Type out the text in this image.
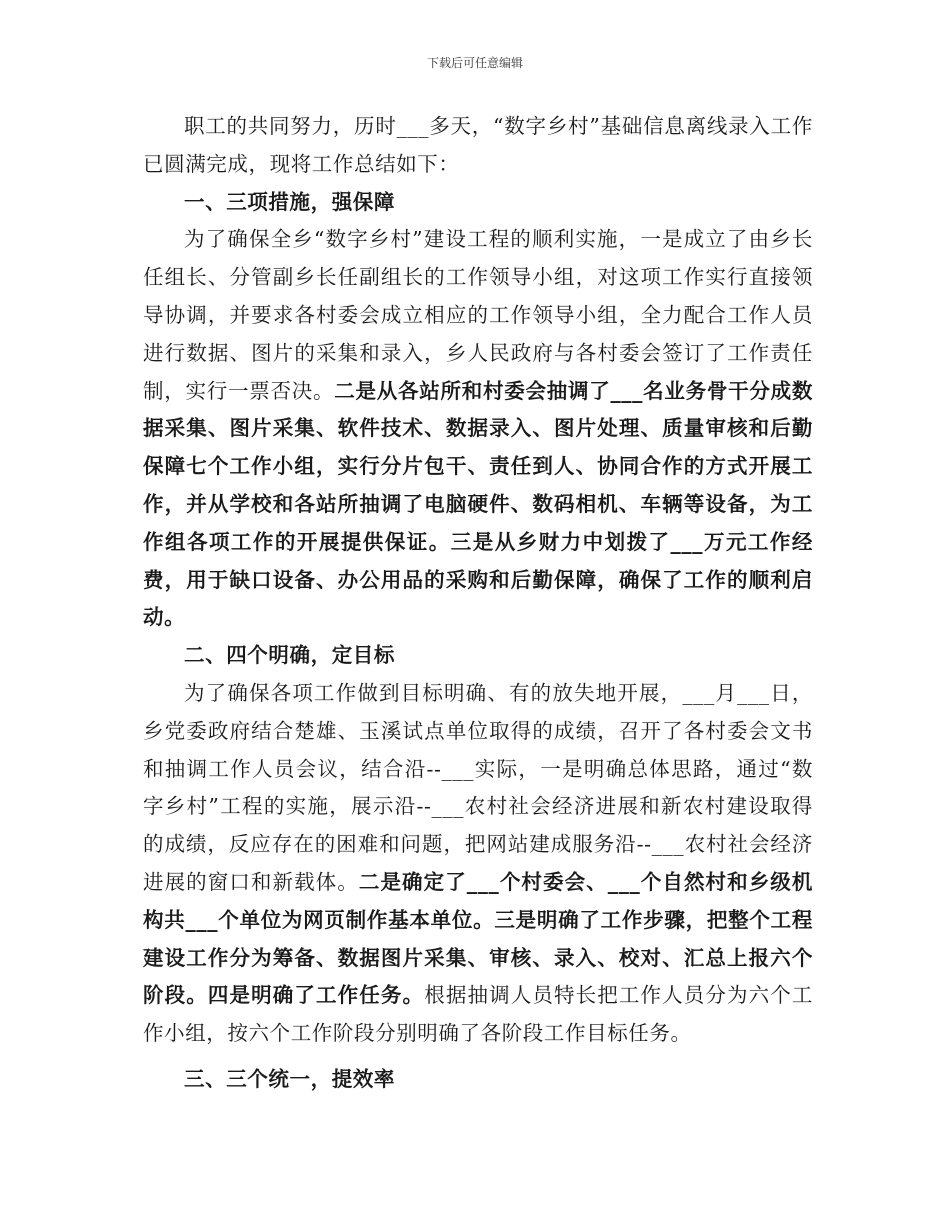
下载后可任意编辑

职工的共同努力，历时___多天，“数字乡村”基础信息离线录入工作已圆满完成，现将工作总结如下：

一、三项措施，强保障

为了确保全乡“数字乡村”建设工程的顺利实施，一是成立了由乡长任组长、分管副乡长任副组长的工作领导小组，对这项工作实行直接领导协调，并要求各村委会成立相应的工作领导小组，全力配合工作人员进行数据、图片的采集和录入，乡人民政府与各村委会签订了工作责任制，实行一票否决。二是从各站所和村委会抽调了___名业务骨干分成数据采集、图片采集、软件技术、数据录入、图片处理、质量审核和后勤保障七个工作小组，实行分片包干、责任到人、协同合作的方式开展工作，并从学校和各站所抽调了电脑硬件、数码相机、车辆等设备，为工作组各项工作的开展提供保证。三是从乡财力中划拨了___万元工作经费，用于缺口设备、办公用品的采购和后勤保障，确保了工作的顺利启动。

二、四个明确，定目标

为了确保各项工作做到目标明确、有的放失地开展，___月___日，乡党委政府结合楚雄、玉溪试点单位取得的成绩，召开了各村委会文书和抽调工作人员会议，结合沿--___实际，一是明确总体思路，通过“数字乡村”工程的实施，展示沿--___农村社会经济进展和新农村建设取得的成绩，反应存在的困难和问题，把网站建成服务沿--___农村社会经济进展的窗口和新载体。二是确定了___个村委会、___个自然村和乡级机构共___个单位为网页制作基本单位。三是明确了工作步骤，把整个工程建设工作分为筹备、数据图片采集、审核、录入、校对、汇总上报六个阶段。四是明确了工作任务。根据抽调人员特长把工作人员分为六个工作小组，按六个工作阶段分别明确了各阶段工作目标任务。

三、三个统一，提效率
